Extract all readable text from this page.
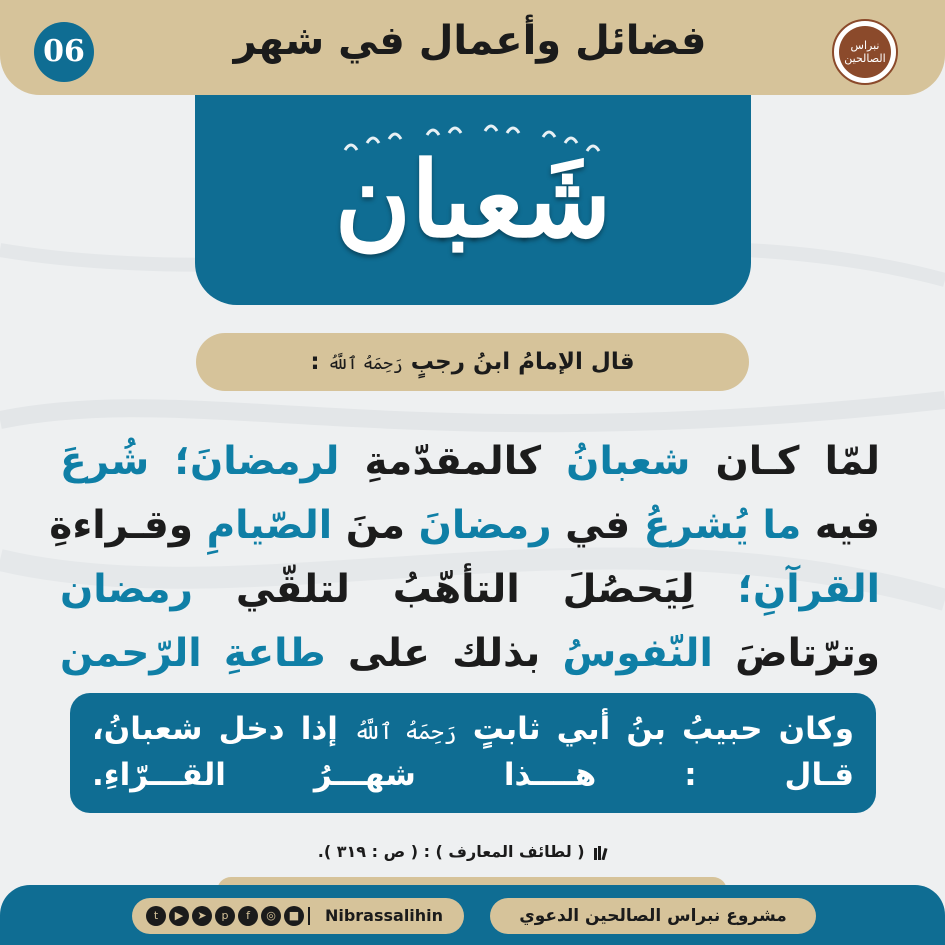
06	فضائل وأعمال في شهر	نبراس
الصالحين
شَعبان
قال الإمامُ ابنُ رجبٍ رَحِمَهُ ٱللَّهُ :
لمّا كـان شعبانُ كالمقدّمةِ لرمضانَ؛ شُرعَ
فيه ما يُشرعُ في رمضانَ منَ الصّيامِ وقـراءةِ
القرآنِ؛ لِيَحصُلَ التأهّبُ لتلقّي رمضان
وترّتاضَ النّفوسُ بذلك على طاعةِ الرّحمن
وكان حبيبُ بنُ أبي ثابتٍ رَحِمَهُ ٱللَّهُ إذا دخل شعبانُ،
قـال : هــــذا شهـــرُ القـــرّاءِ.
( لطائف المعارف ) : ( ص : ٣١٩ ).
مشروع نبراس الصالحين الدعوي
t	▶	➤	p	f	◎	■	Nibrassalihin
